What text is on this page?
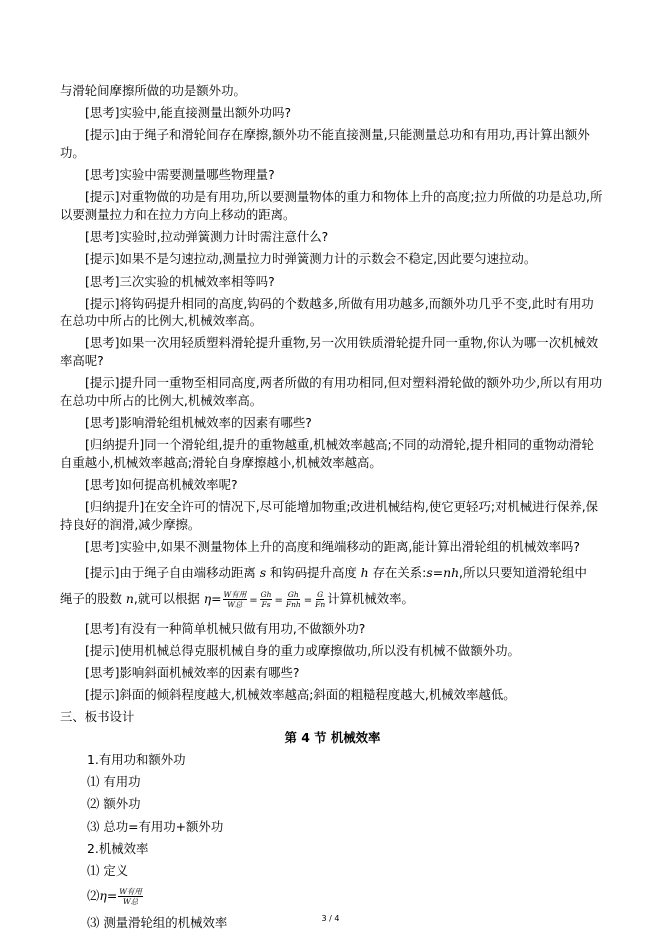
与滑轮间摩擦所做的功是额外功。
[思考]实验中,能直接测量出额外功吗?
[提示]由于绳子和滑轮间存在摩擦,额外功不能直接测量,只能测量总功和有用功,再计算出额外功。
[思考]实验中需要测量哪些物理量?
[提示]对重物做的功是有用功,所以要测量物体的重力和物体上升的高度;拉力所做的功是总功,所以要测量拉力和在拉力方向上移动的距离。
[思考]实验时,拉动弹簧测力计时需注意什么?
[提示]如果不是匀速拉动,测量拉力时弹簧测力计的示数会不稳定,因此要匀速拉动。
[思考]三次实验的机械效率相等吗?
[提示]将钩码提升相同的高度,钩码的个数越多,所做有用功越多,而额外功几乎不变,此时有用功在总功中所占的比例大,机械效率高。
[思考]如果一次用轻质塑料滑轮提升重物,另一次用铁质滑轮提升同一重物,你认为哪一次机械效率高呢?
[提示]提升同一重物至相同高度,两者所做的有用功相同,但对塑料滑轮做的额外功少,所以有用功在总功中所占的比例大,机械效率高。
[思考]影响滑轮组机械效率的因素有哪些?
[归纳提升]同一个滑轮组,提升的重物越重,机械效率越高;不同的动滑轮,提升相同的重物动滑轮自重越小,机械效率越高;滑轮自身摩擦越小,机械效率越高。
[思考]如何提高机械效率呢?
[归纳提升]在安全许可的情况下,尽可能增加物重;改进机械结构,使它更轻巧;对机械进行保养,保持良好的润滑,减少摩擦。
[思考]实验中,如果不测量物体上升的高度和绳端移动的距离,能计算出滑轮组的机械效率吗?
[提示]由于绳子自由端移动距离 s 和钩码提升高度 h 存在关系:s=nh,所以只要知道滑轮组中
绳子的股数 n,就可以根据 $\eta= \frac{\text{W有用}}{\text{W总}} = \frac{Gh}{Fs} = \frac{Gh}{\text{Fnh}} = \frac{G}{Fn}$ 计算机械效率。
[思考]有没有一种简单机械只做有用功,不做额外功?
[提示]使用机械总得克服机械自身的重力或摩擦做功,所以没有机械不做额外功。
[思考]影响斜面机械效率的因素有哪些?
[提示]斜面的倾斜程度越大,机械效率越高;斜面的粗糙程度越大,机械效率越低。
三、板书设计
第 4 节 机械效率
1.有用功和额外功
⑴ 有用功
⑵ 额外功
⑶ 总功=有用功+额外功
2.机械效率
⑴ 定义
⑵η= $\frac{\text{W有用}}{\text{W总}}$
⑶ 测量滑轮组的机械效率	3 / 4
